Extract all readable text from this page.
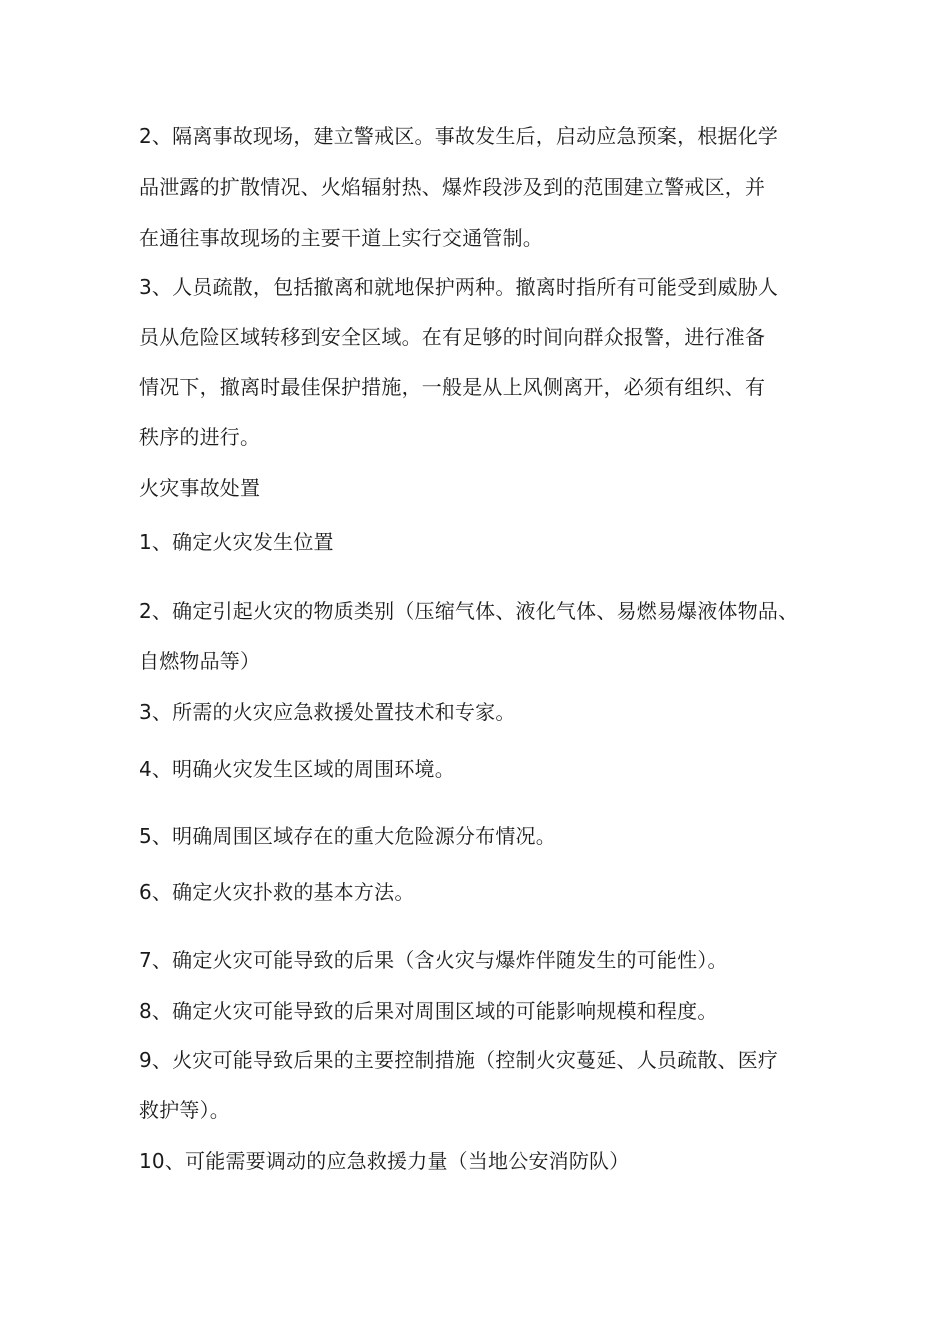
2、隔离事故现场，建立警戒区。事故发生后，启动应急预案，根据化学
品泄露的扩散情况、火焰辐射热、爆炸段涉及到的范围建立警戒区，并
在通往事故现场的主要干道上实行交通管制。
3、人员疏散，包括撤离和就地保护两种。撤离时指所有可能受到威胁人
员从危险区域转移到安全区域。在有足够的时间向群众报警，进行准备
情况下，撤离时最佳保护措施，一般是从上风侧离开，必须有组织、有
秩序的进行。
火灾事故处置
1、确定火灾发生位置
2、确定引起火灾的物质类别（压缩气体、液化气体、易燃易爆液体物品、
自燃物品等）
3、所需的火灾应急救援处置技术和专家。
4、明确火灾发生区域的周围环境。
5、明确周围区域存在的重大危险源分布情况。
6、确定火灾扑救的基本方法。
7、确定火灾可能导致的后果（含火灾与爆炸伴随发生的可能性）。
8、确定火灾可能导致的后果对周围区域的可能影响规模和程度。
9、火灾可能导致后果的主要控制措施（控制火灾蔓延、人员疏散、医疗
救护等）。
10、可能需要调动的应急救援力量（当地公安消防队）
